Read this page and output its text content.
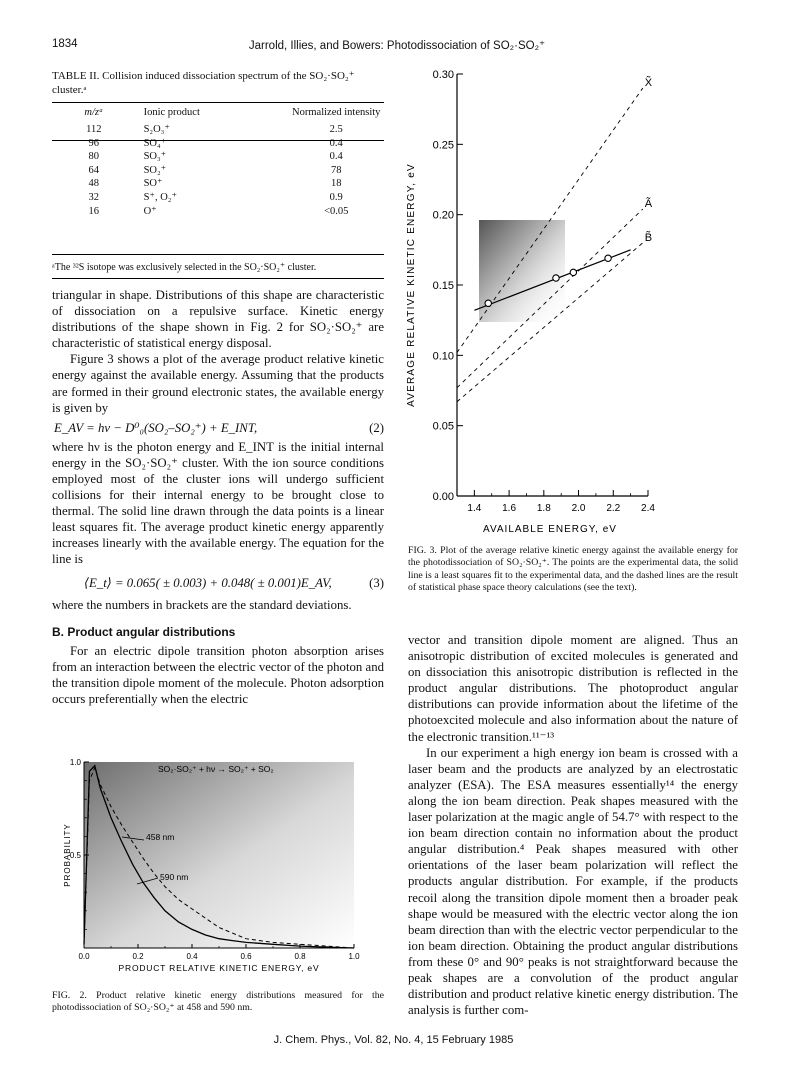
1834	Jarrold, Illies, and Bowers: Photodissociation of SO₂·SO₂⁺
TABLE II. Collision induced dissociation spectrum of the SO₂·SO₂⁺ cluster.ᵃ
m/zᵃ	Ionic product	Normalized intensity
112	S₂O₃⁺	2.5
96	SO₄⁺	0.4
80	SO₃⁺	0.4
64	SO₂⁺	78
48	SO⁺	18
32	S⁺, O₂⁺	0.9
16	O⁺	<0.05
ᵃThe ³²S isotope was exclusively selected in the SO₂·SO₂⁺ cluster.

triangular in shape. Distributions of this shape are characteristic of dissociation on a repulsive surface. Kinetic energy distributions of the shape shown in Fig. 2 for SO₂·SO₂⁺ are characteristic of statistical energy disposal.

Figure 3 shows a plot of the average product relative kinetic energy against the available energy. Assuming that the products are formed in their ground electronic states, the available energy is given by

E_AV = hν − D⁰₀(SO₂–SO₂⁺) + E_INT,	(2)

where hν is the photon energy and E_INT is the initial internal energy in the SO₂·SO₂⁺ cluster. With the ion source conditions employed most of the cluster ions will undergo sufficient collisions for their internal energy to be brought close to thermal. The solid line drawn through the data points is a linear least squares fit. The average product kinetic energy apparently increases linearly with the available energy. The equation for the line is

⟨E_t⟩ = 0.065( ± 0.003) + 0.048( ± 0.001)E_AV,	(3)

where the numbers in brackets are the standard deviations.

B. Product angular distributions

For an electric dipole transition photon absorption arises from an interaction between the electric vector of the photon and the transition dipole moment of the molecule. Photon adsorption occurs preferentially when the electric

0.0	0.2	0.4	0.6	0.8	1.0
0.5
1.0
SO₂·SO₂⁺ + hν → SO₂⁺ + SO₂
458 nm
590 nm
PROBABILITY
PRODUCT RELATIVE KINETIC ENERGY, eV
FIG. 2. Product relative kinetic energy distributions measured for the photodissociation of SO₂·SO₂⁺ at 458 and 590 nm.
1.4 1.6 1.8 2.0 2.2 2.4
0.00
0.05
0.10
0.15
0.20
0.25
0.30
X̃
Ã
B̃
AVERAGE RELATIVE KINETIC ENERGY, eV
AVAILABLE ENERGY, eV
FIG. 3. Plot of the average relative kinetic energy against the available energy for the photodissociation of SO₂·SO₂⁺. The points are the experimental data, the solid line is a least squares fit to the experimental data, and the dashed lines are the result of statistical phase space theory calculations (see the text).

vector and transition dipole moment are aligned. Thus an anisotropic distribution of excited molecules is generated and on dissociation this anisotropic distribution is reflected in the product angular distributions. The photoproduct angular distributions can provide information about the lifetime of the photoexcited molecule and also information about the nature of the electronic transition.¹¹⁻¹³

In our experiment a high energy ion beam is crossed with a laser beam and the products are analyzed by an electrostatic analyzer (ESA). The ESA measures essentially¹⁴ the energy along the ion beam direction. Peak shapes measured with the laser polarization at the magic angle of 54.7° with respect to the ion beam direction contain no information about the product angular distribution.⁴ Peak shapes measured with other orientations of the laser beam polarization will reflect the products angular distribution. For example, if the products recoil along the transition dipole moment then a broader peak shape would be measured with the electric vector along the ion beam direction than with the electric vector perpendicular to the ion beam direction. Obtaining the product angular distributions from these 0° and 90° peaks is not straightforward because the peak shapes are a convolution of the product angular distribution and product relative kinetic energy distribution. The analysis is further com-

J. Chem. Phys., Vol. 82, No. 4, 15 February 1985
